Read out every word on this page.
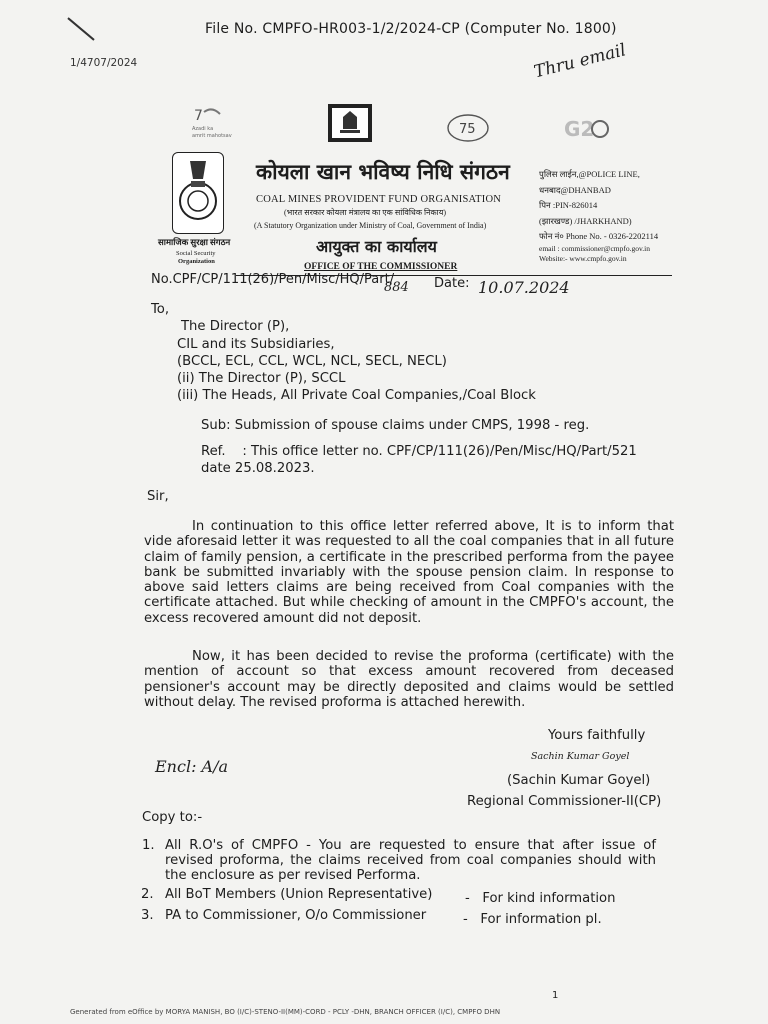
File No. CMPFO-HR003-1/2/2024-CP (Computer No. 1800)
1/4707/2024	Thru email
7
Azadi ka
amrit mahotsav	75	G2
सामाजिक सुरक्षा संगठन
Social Security
Organization
कोयला खान भविष्य निधि संगठन
COAL MINES PROVIDENT FUND ORGANISATION
(भारत सरकार कोयला मंत्रालय का एक सांविधिक निकाय)
(A Statutory Organization under Ministry of Coal, Government of India)
आयुक्त का कार्यालय
OFFICE OF THE COMMISSIONER
पुलिस लाईन,@POLICE LINE,
धनबाद@DHANBAD
पिन :PIN-826014
(झारखण्ड) /JHARKHAND)
फोन नं० Phone No. - 0326-2202114
email : commissioner@cmpfo.gov.in
Website:- www.cmpfo.gov.in
No.CPF/CP/111(26)/Pen/Misc/HQ/Part/
884 Date: 10.07.2024
To,
The Director (P),
CIL and its Subsidiaries,
(BCCL, ECL, CCL, WCL, NCL, SECL, NECL)
(ii) The Director (P), SCCL
(iii) The Heads, All Private Coal Companies,/Coal Block
Sub: Submission of spouse claims under CMPS, 1998 - reg.
Ref.    : This office letter no. CPF/CP/111(26)/Pen/Misc/HQ/Part/521
date 25.08.2023.
Sir,
In continuation to this office letter referred above, It is to inform that vide aforesaid letter it was requested to all the coal companies that in all future claim of family pension, a certificate in the prescribed performa from the payee bank be submitted invariably with the spouse pension claim. In response to above said letters claims are being received from Coal companies with the certificate attached. But while checking of amount in the CMPFO's account, the excess recovered amount did not deposit.
Now, it has been decided to revise the proforma (certificate) with the mention of account so that excess amount recovered from deceased pensioner's account may be directly deposited and claims would be settled without delay. The revised proforma is attached herewith.
Yours faithfully
Sachin Kumar Goyel
Encl: A/a
(Sachin Kumar Goyel)
Regional Commissioner-II(CP)
Copy to:-
1. All R.O's of CMPFO - You are requested to ensure that after issue of revised proforma, the claims received from coal companies should with the enclosure as per revised Performa.
2. All BoT Members (Union Representative) -   For kind information
3. PA to Commissioner, O/o Commissioner	-   For information pl.
1
Generated from eOffice by MORYA MANISH, BO (I/C)-STENO-II(MM)-CORD - PCLY -DHN, BRANCH OFFICER (I/C), CMPFO DHN
